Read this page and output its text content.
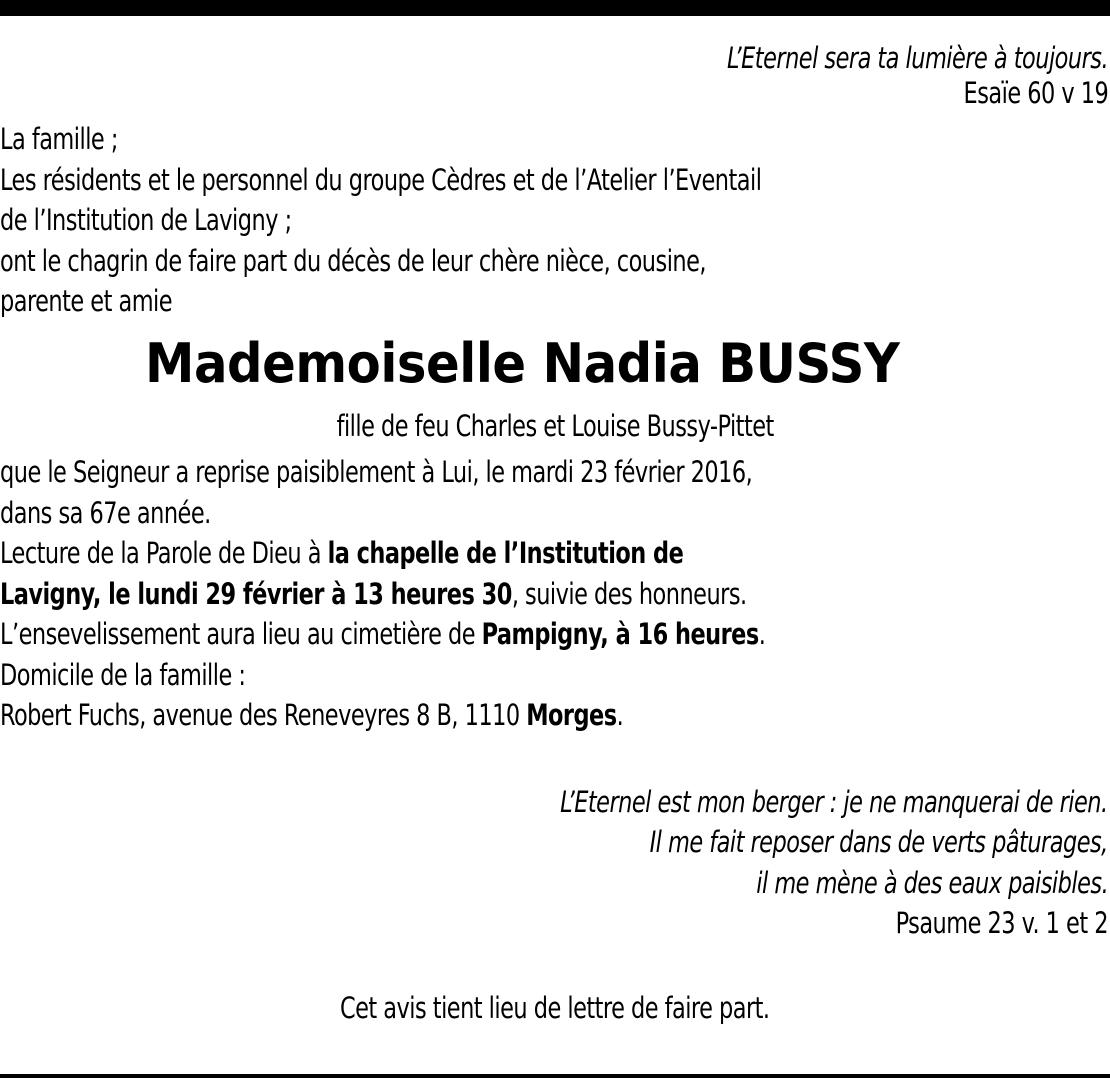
L’Eternel sera ta lumière à toujours.
Esaïe 60 v 19
La famille ;
Les résidents et le personnel du groupe Cèdres et de l’Atelier l’Eventail
de l’Institution de Lavigny ;
ont le chagrin de faire part du décès de leur chère nièce, cousine,
parente et amie
Mademoiselle Nadia BUSSY
fille de feu Charles et Louise Bussy-Pittet
que le Seigneur a reprise paisiblement à Lui, le mardi 23 février 2016,
dans sa 67e année.
Lecture de la Parole de Dieu à la chapelle de l’Institution de
Lavigny, le lundi 29 février à 13 heures 30, suivie des honneurs.
L’ensevelissement aura lieu au cimetière de Pampigny, à 16 heures.
Domicile de la famille :
Robert Fuchs, avenue des Reneveyres 8 B, 1110 Morges.
L’Eternel est mon berger : je ne manquerai de rien.
Il me fait reposer dans de verts pâturages,
il me mène à des eaux paisibles.
Psaume 23 v. 1 et 2
Cet avis tient lieu de lettre de faire part.
